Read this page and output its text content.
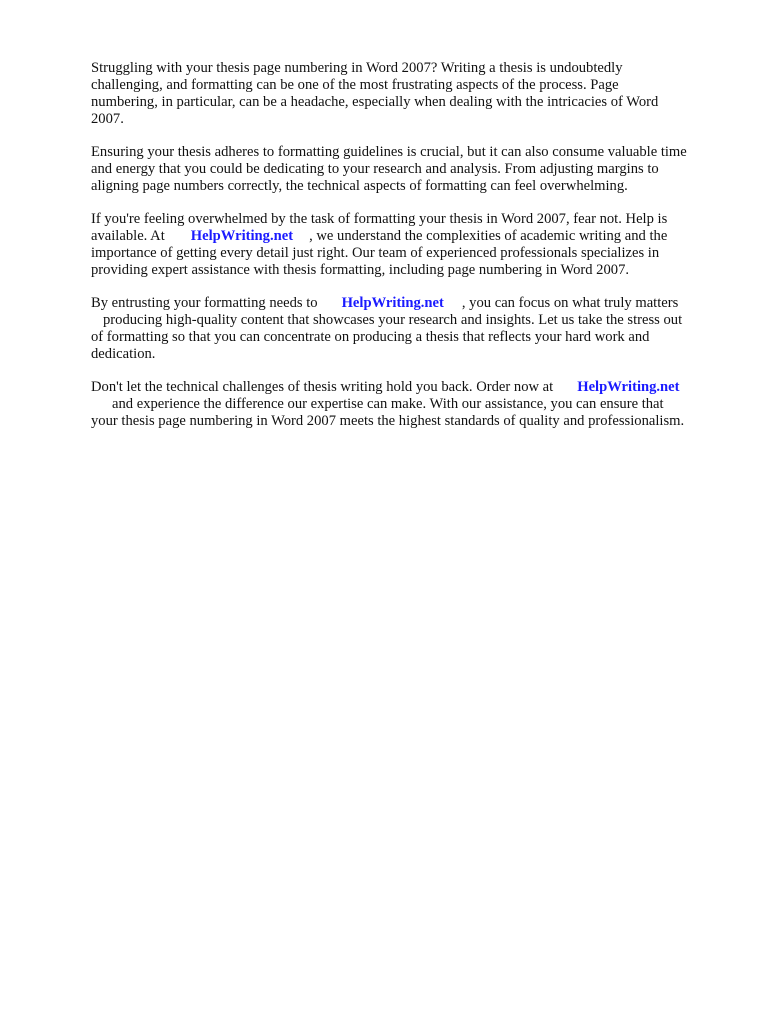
Struggling with your thesis page numbering in Word 2007? Writing a thesis is undoubtedly
challenging, and formatting can be one of the most frustrating aspects of the process. Page
numbering, in particular, can be a headache, especially when dealing with the intricacies of Word
2007.

Ensuring your thesis adheres to formatting guidelines is crucial, but it can also consume valuable time
and energy that you could be dedicating to your research and analysis. From adjusting margins to
aligning page numbers correctly, the technical aspects of formatting can feel overwhelming.

If you're feeling overwhelmed by the task of formatting your thesis in Word 2007, fear not. Help is
available. At HelpWriting.net , we understand the complexities of academic writing and the
importance of getting every detail just right. Our team of experienced professionals specializes in
providing expert assistance with thesis formatting, including page numbering in Word 2007.

By entrusting your formatting needs to HelpWriting.net , you can focus on what truly matters
producing high-quality content that showcases your research and insights. Let us take the stress out
of formatting so that you can concentrate on producing a thesis that reflects your hard work and
dedication.

Don't let the technical challenges of thesis writing hold you back. Order now at HelpWriting.net
and experience the difference our expertise can make. With our assistance, you can ensure that
your thesis page numbering in Word 2007 meets the highest standards of quality and professionalism.
